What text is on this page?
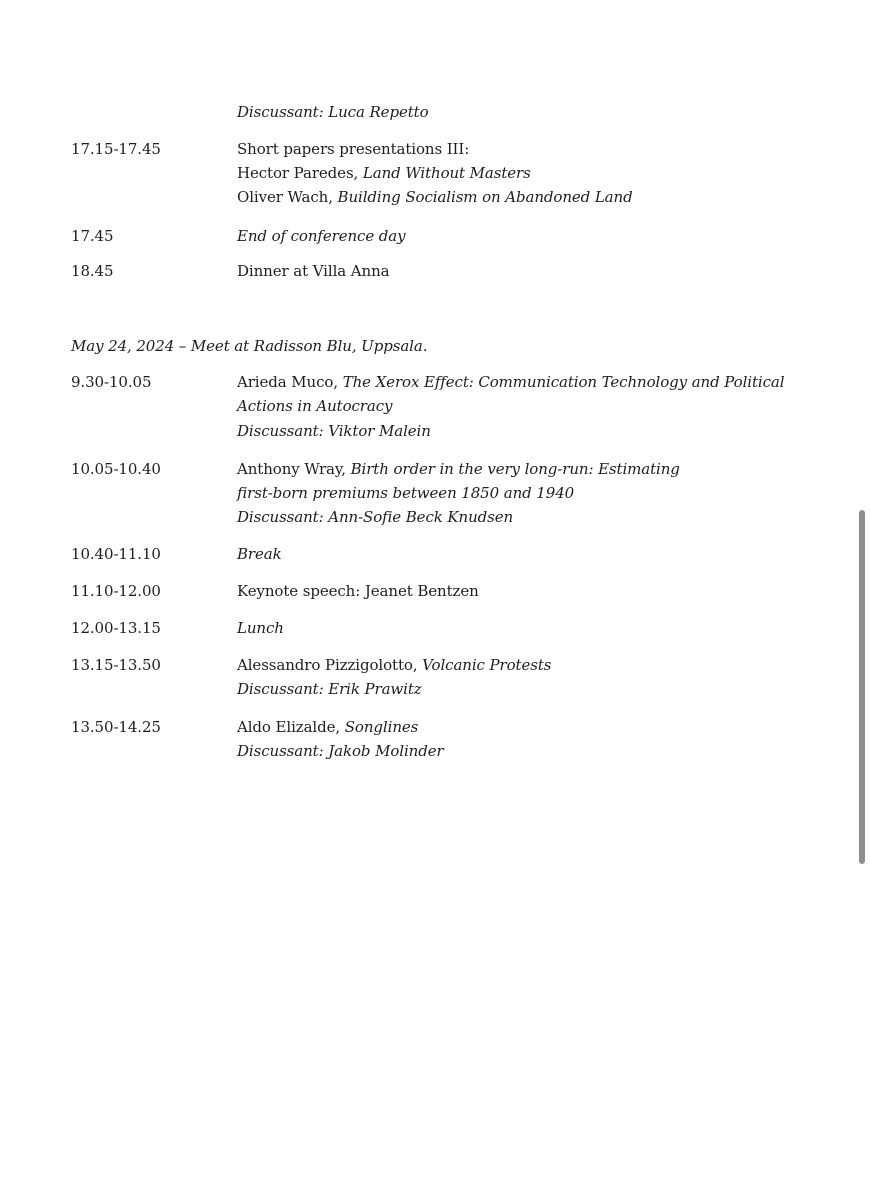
Discussant: Luca Repetto
17.15-17.45	Short papers presentations III:
Hector Paredes, Land Without Masters
Oliver Wach, Building Socialism on Abandoned Land
17.45	End of conference day
18.45	Dinner at Villa Anna
May 24, 2024 – Meet at Radisson Blu, Uppsala.
9.30-10.05	Arieda Muco, The Xerox Effect: Communication Technology and Political
Actions in Autocracy
Discussant: Viktor Malein
10.05-10.40	Anthony Wray, Birth order in the very long-run: Estimating
first-born premiums between 1850 and 1940
Discussant: Ann-Sofie Beck Knudsen
10.40-11.10	Break
11.10-12.00	Keynote speech: Jeanet Bentzen
12.00-13.15	Lunch
13.15-13.50	Alessandro Pizzigolotto, Volcanic Protests
Discussant: Erik Prawitz
13.50-14.25	Aldo Elizalde, Songlines
Discussant: Jakob Molinder
